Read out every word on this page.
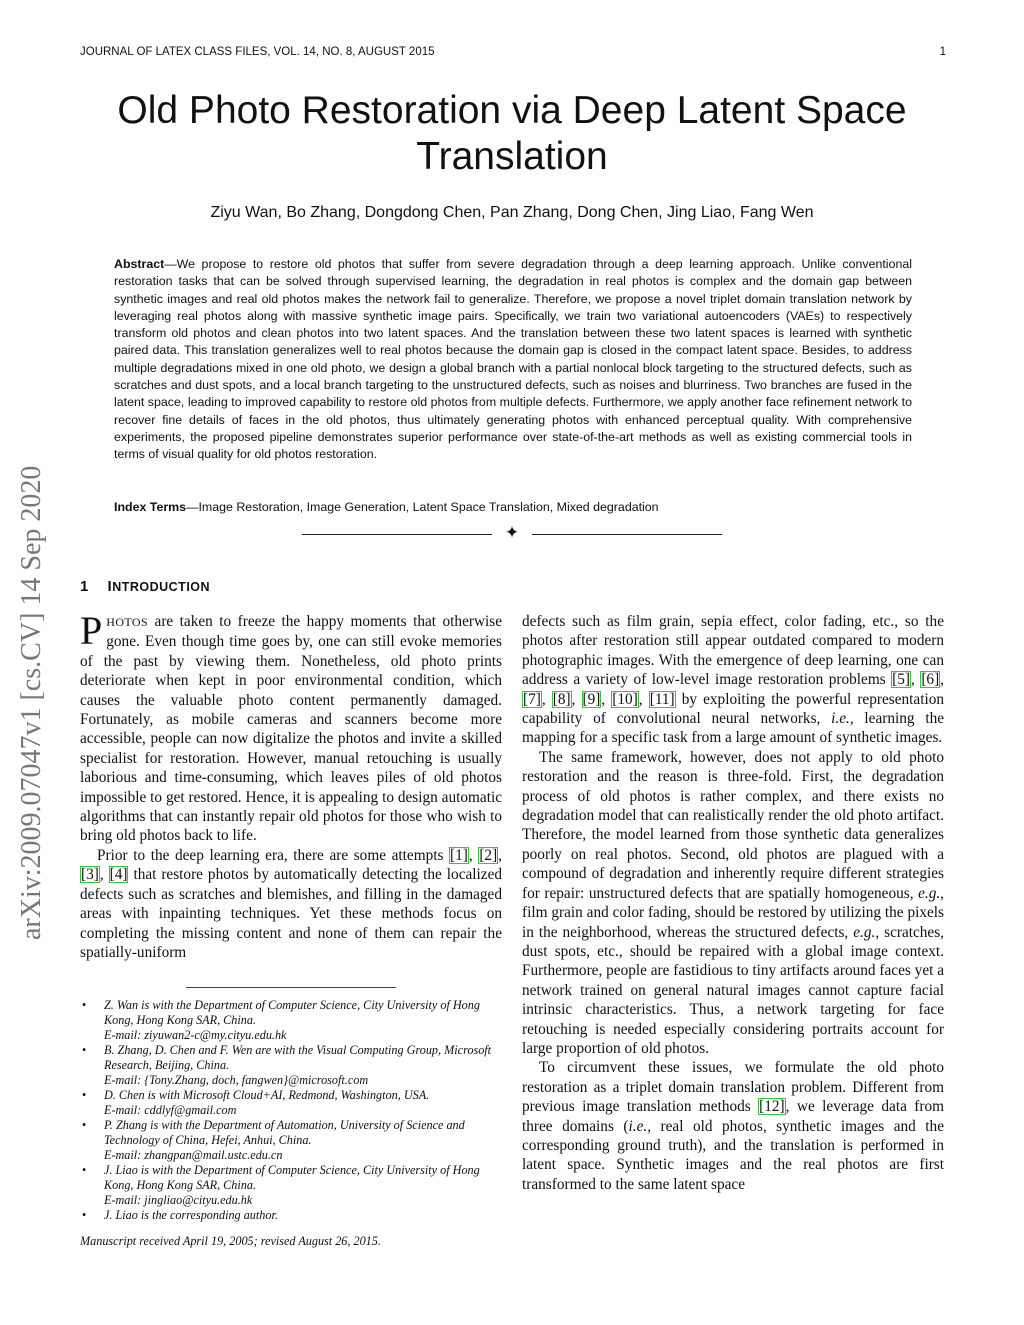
JOURNAL OF LATEX CLASS FILES, VOL. 14, NO. 8, AUGUST 2015	1
Old Photo Restoration via Deep Latent Space
Translation
Ziyu Wan, Bo Zhang, Dongdong Chen, Pan Zhang, Dong Chen, Jing Liao, Fang Wen
Abstract—We propose to restore old photos that suffer from severe degradation through a deep learning approach. Unlike conventional restoration tasks that can be solved through supervised learning, the degradation in real photos is complex and the domain gap between synthetic images and real old photos makes the network fail to generalize. Therefore, we propose a novel triplet domain translation network by leveraging real photos along with massive synthetic image pairs. Specifically, we train two variational autoencoders (VAEs) to respectively transform old photos and clean photos into two latent spaces. And the translation between these two latent spaces is learned with synthetic paired data. This translation generalizes well to real photos because the domain gap is closed in the compact latent space. Besides, to address multiple degradations mixed in one old photo, we design a global branch with a partial nonlocal block targeting to the structured defects, such as scratches and dust spots, and a local branch targeting to the unstructured defects, such as noises and blurriness. Two branches are fused in the latent space, leading to improved capability to restore old photos from multiple defects. Furthermore, we apply another face refinement network to recover fine details of faces in the old photos, thus ultimately generating photos with enhanced perceptual quality. With comprehensive experiments, the proposed pipeline demonstrates superior performance over state-of-the-art methods as well as existing commercial tools in terms of visual quality for old photos restoration.
Index Terms—Image Restoration, Image Generation, Latent Space Translation, Mixed degradation
✦
arXiv:2009.07047v1 [cs.CV] 14 Sep 2020 1 INTRODUCTION

PHOTOS are taken to freeze the happy moments that otherwise gone. Even though time goes by, one can still evoke memories of the past by viewing them. Nonetheless, old photo prints deteriorate when kept in poor environmental condition, which causes the valuable photo content permanently damaged. Fortunately, as mobile cameras and scanners become more accessible, people can now digitalize the photos and invite a skilled specialist for restoration. However, manual retouching is usually laborious and time-consuming, which leaves piles of old photos impossible to get restored. Hence, it is appealing to design automatic algorithms that can instantly repair old photos for those who wish to bring old photos back to life.

Prior to the deep learning era, there are some attempts [1], [2], [3], [4] that restore photos by automatically detecting the localized defects such as scratches and blemishes, and filling in the damaged areas with inpainting techniques. Yet these methods focus on completing the missing content and none of them can repair the spatially-uniform

defects such as film grain, sepia effect, color fading, etc., so the photos after restoration still appear outdated compared to modern photographic images. With the emergence of deep learning, one can address a variety of low-level image restoration problems [5], [6], [7], [8], [9], [10], [11] by exploiting the powerful representation capability of convolutional neural networks, i.e., learning the mapping for a specific task from a large amount of synthetic images.

The same framework, however, does not apply to old photo restoration and the reason is three-fold. First, the degradation process of old photos is rather complex, and there exists no degradation model that can realistically render the old photo artifact. Therefore, the model learned from those synthetic data generalizes poorly on real photos. Second, old photos are plagued with a compound of degradation and inherently require different strategies for repair: unstructured defects that are spatially homogeneous, e.g., film grain and color fading, should be restored by utilizing the pixels in the neighborhood, whereas the structured defects, e.g., scratches, dust spots, etc., should be repaired with a global image context. Furthermore, people are fastidious to tiny artifacts around faces yet a network trained on general natural images cannot capture facial intrinsic characteristics. Thus, a network targeting for face retouching is needed especially considering portraits account for large proportion of old photos.

To circumvent these issues, we formulate the old photo restoration as a triplet domain translation problem. Different from previous image translation methods [12], we leverage data from three domains (i.e., real old photos, synthetic images and the corresponding ground truth), and the translation is performed in latent space. Synthetic images and the real photos are first transformed to the same latent space

• Z. Wan is with the Department of Computer Science, City University of Hong Kong, Hong Kong SAR, China.
E-mail: ziyuwan2-c@my.cityu.edu.hk
• B. Zhang, D. Chen and F. Wen are with the Visual Computing Group, Microsoft Research, Beijing, China.
E-mail: {Tony.Zhang, doch, fangwen}@microsoft.com
• D. Chen is with Microsoft Cloud+AI, Redmond, Washington, USA.
E-mail: cddlyf@gmail.com
• P. Zhang is with the Department of Automation, University of Science and Technology of China, Hefei, Anhui, China.
E-mail: zhangpan@mail.ustc.edu.cn
• J. Liao is with the Department of Computer Science, City University of Hong Kong, Hong Kong SAR, China.
E-mail: jingliao@cityu.edu.hk
• J. Liao is the corresponding author.
Manuscript received April 19, 2005; revised August 26, 2015.
